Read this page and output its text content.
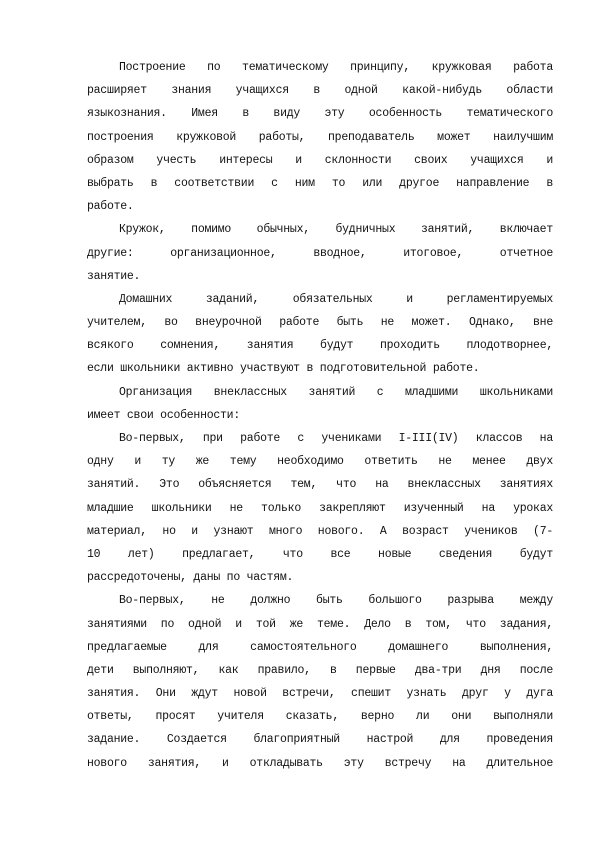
Построение по тематическому принципу, кружковая работа
расширяет знания учащихся в одной какой-нибудь области
языкознания. Имея в виду эту особенность тематического
построения кружковой работы, преподаватель может наилучшим
образом учесть интересы и склонности своих учащихся и
выбрать в соответствии с ним то или другое направление в
работе.
Кружок, помимо обычных, будничных занятий, включает
другие: организационное, вводное, итоговое, отчетное
занятие.
Домашних заданий, обязательных и регламентируемых
учителем, во внеурочной работе быть не может. Однако, вне
всякого сомнения, занятия будут проходить плодотворнее,
если школьники активно участвуют в подготовительной работе.
Организация внеклассных занятий с младшими школьниками
имеет свои особенности:
Во-первых, при работе с учениками I-III(IV) классов на
одну и ту же тему необходимо ответить не менее двух
занятий. Это объясняется тем, что на внеклассных занятиях
младшие школьники не только закрепляют изученный на уроках
материал, но и узнают много нового. А возраст учеников (7-
10 лет) предлагает, что все новые сведения будут
рассредоточены, даны по частям.
Во-первых, не должно быть большого разрыва между
занятиями по одной и той же теме. Дело в том, что задания,
предлагаемые для самостоятельного домашнего выполнения,
дети выполняют, как правило, в первые два-три дня после
занятия. Они ждут новой встречи, спешит узнать друг у дуга
ответы, просят учителя сказать, верно ли они выполняли
задание. Создается благоприятный настрой для проведения
нового занятия, и откладывать эту встречу на длительное
